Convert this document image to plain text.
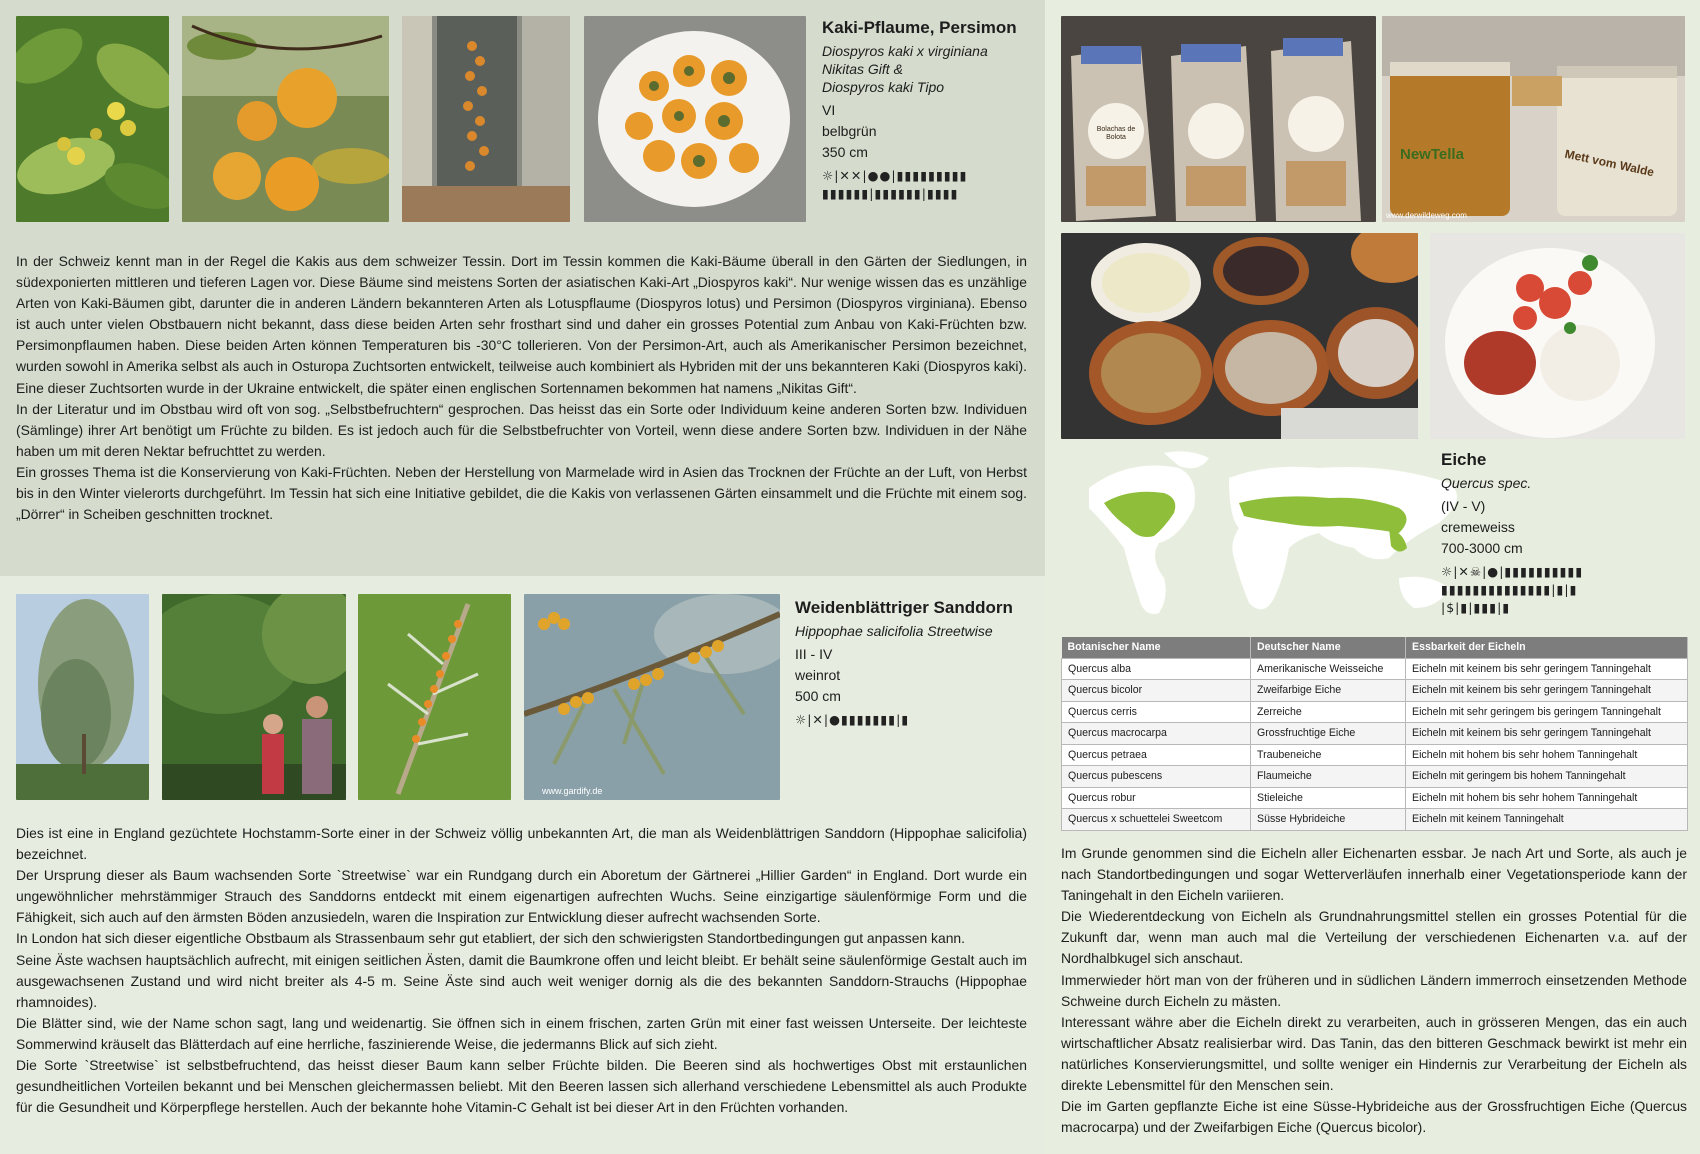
Kaki-Pflaume, Persimon
Diospyros kaki x virginiana
Nikitas Gift &
Diospyros kaki Tipo
VI
belbgrün
350 cm
☼|✕✕|●●|▮▮▮▮▮▮▮▮▮
▮▮▮▮▮▮|▮▮▮▮▮▮|▮▮▮▮

In der Schweiz kennt man in der Regel die Kakis aus dem schweizer Tessin. Dort im Tessin kommen die Kaki-Bäume überall in den Gärten der Siedlungen, in südexponierten mittleren und tieferen Lagen vor. Diese Bäume sind meistens Sorten der asiatischen Kaki-Art „Diospyros kaki“. Nur wenige wissen das es unzählige Arten von Kaki-Bäumen gibt, darunter die in anderen Ländern bekannteren Arten als Lotuspflaume (Diospyros lotus) und Persimon (Diospyros virginiana). Ebenso ist auch unter vielen Obstbauern nicht bekannt, dass diese beiden Arten sehr frosthart sind und daher ein grosses Potential zum Anbau von Kaki-Früchten bzw. Persimonpflaumen haben. Diese beiden Arten können Temperaturen bis -30°C tollerieren. Von der Persimon-Art, auch als Amerikanischer Persimon bezeichnet, wurden sowohl in Amerika selbst als auch in Osturopa Zuchtsorten entwickelt, teilweise auch kombiniert als Hybriden mit der uns bekannteren Kaki (Diospyros kaki). Eine dieser Zuchtsorten wurde in der Ukraine entwickelt, die später einen englischen Sortennamen bekommen hat namens „Nikitas Gift“.

In der Literatur und im Obstbau wird oft von sog. „Selbstbefruchtern“ gesprochen. Das heisst das ein Sorte oder Individuum keine anderen Sorten bzw. Individuen (Sämlinge) ihrer Art benötigt um Früchte zu bilden. Es ist jedoch auch für die Selbstbefruchter von Vorteil, wenn diese andere Sorten bzw. Individuen in der Nähe haben um mit deren Nektar befruchttet zu werden.

Ein grosses Thema ist die Konservierung von Kaki-Früchten. Neben der Herstellung von Marmelade wird in Asien das Trocknen der Früchte an der Luft, von Herbst bis in den Winter vielerorts durchgeführt. Im Tessin hat sich eine Initiative gebildet, die die Kakis von verlassenen Gärten einsammelt und die Früchte mit einem sog. „Dörrer“ in Scheiben geschnitten trocknet.

www.gardify.de
Weidenblättriger Sanddorn
Hippophae salicifolia Streetwise
III - IV
weinrot
500 cm
☼|✕|●▮▮▮▮▮▮▮|▮

Dies ist eine in England gezüchtete Hochstamm-Sorte einer in der Schweiz völlig unbekannten Art, die man als Weidenblättrigen Sanddorn (Hippophae salicifolia) bezeichnet.

Der Ursprung dieser als Baum wachsenden Sorte `Streetwise` war ein Rundgang durch ein Aboretum der Gärtnerei „Hillier Garden“ in England. Dort wurde ein ungewöhnlicher mehrstämmiger Strauch des Sanddorns entdeckt mit einem eigenartigen aufrechten Wuchs. Seine einzigartige säulenförmige Form und die Fähigkeit, sich auch auf den ärmsten Böden anzusiedeln, waren die Inspiration zur Entwicklung dieser aufrecht wachsenden Sorte.

In London hat sich dieser eigentliche Obstbaum als Strassenbaum sehr gut etabliert, der sich den schwierigsten Standortbedingungen gut anpassen kann.

Seine Äste wachsen hauptsächlich aufrecht, mit einigen seitlichen Ästen, damit die Baumkrone offen und leicht bleibt. Er behält seine säulenförmige Gestalt auch im ausgewachsenen Zustand und wird nicht breiter als 4-5 m. Seine Äste sind auch weit weniger dornig als die des bekannten Sanddorn-Strauchs (Hippophae rhamnoides).

Die Blätter sind, wie der Name schon sagt, lang und weidenartig. Sie öffnen sich in einem frischen, zarten Grün mit einer fast weissen Unterseite. Der leichteste Sommerwind kräuselt das Blätterdach auf eine herrliche, faszinierende Weise, die jedermanns Blick auf sich zieht.

Die Sorte `Streetwise` ist selbstbefruchtend, das heisst dieser Baum kann selber Früchte bilden. Die Beeren sind als hochwertiges Obst mit erstaunlichen gesundheitlichen Vorteilen bekannt und bei Menschen gleichermassen beliebt. Mit den Beeren lassen sich allerhand verschiedene Lebensmittel als auch Produkte für die Gesundheit und Körperpflege herstellen. Auch der bekannte hohe Vitamin-C Gehalt ist bei dieser Art in den Früchten vorhanden.

Bolachas de Bolota
NewTella	Mett vom Walde
www.derwildeweg.com
Eiche
Quercus spec.
(IV - V)
cremeweiss
700-3000 cm
☼|✕☠|●|▮▮▮▮▮▮▮▮▮▮
▮▮▮▮▮▮▮▮▮▮▮▮▮▮|▮|▮
|$|▮|▮▮▮|▮

Im Grunde genommen sind die Eicheln aller Eichenarten essbar. Je nach Art und Sorte, als auch je nach Standortbedingungen und sogar Wetterverläufen innerhalb einer Vegetationsperiode kann der Taningehalt in den Eicheln variieren.

Die Wiederentdeckung von Eicheln als Grundnahrungsmittel stellen ein grosses Potential für die Zukunft dar, wenn man auch mal die Verteilung der verschiedenen Eichenarten v.a. auf der Nordhalbkugel sich anschaut.

Immerwieder hört man von der früheren und in südlichen Ländern immerroch einsetzenden Methode Schweine durch Eicheln zu mästen.

Interessant währe aber die Eicheln direkt zu verarbeiten, auch in grösseren Mengen, das ein auch wirtschaftlicher Absatz realisierbar wird. Das Tanin, das den bitteren Geschmack bewirkt ist mehr ein natürliches Konservierungsmittel, und sollte weniger ein Hindernis zur Verarbeitung der Eicheln als direkte Lebensmittel für den Menschen sein.

Die im Garten gepflanzte Eiche ist eine Süsse-Hybrideiche aus der Grossfruchtigen Eiche (Quercus macrocarpa) und der Zweifarbigen Eiche (Quercus bicolor).

Botanischer Name	Deutscher Name	Essbarkeit der Eicheln
Quercus alba	Amerikanische Weisseiche	Eicheln mit keinem bis sehr geringem Tanningehalt
Quercus bicolor	Zweifarbige Eiche	Eicheln mit keinem bis sehr geringem Tanningehalt
Quercus cerris	Zerreiche	Eicheln mit sehr geringem bis geringem Tanningehalt
Quercus macrocarpa	Grossfruchtige Eiche	Eicheln mit keinem bis sehr geringem Tanningehalt
Quercus petraea	Traubeneiche	Eicheln mit hohem bis sehr hohem Tanningehalt
Quercus pubescens	Flaumeiche	Eicheln mit geringem bis hohem Tanningehalt
Quercus robur	Stieleiche	Eicheln mit hohem bis sehr hohem Tanningehalt
Quercus x schuettelei Sweetcom	Süsse Hybrideiche	Eicheln mit keinem Tanningehalt
